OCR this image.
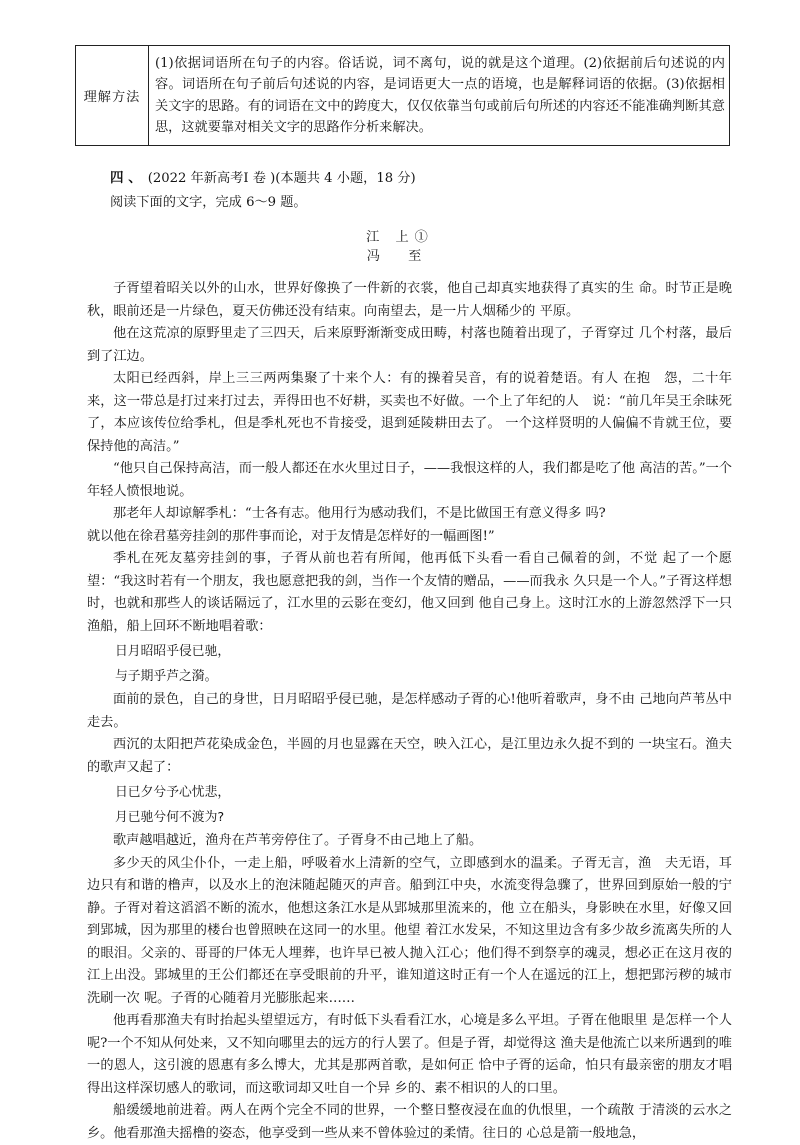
理解方法	(1)依据词语所在句子的内容。俗话说，词不离句，说的就是这个道理。(2)依据前后句述说的内容。词语所在句子前后句述说的内容，是词语更大一点的语境，也是解释词语的依据。(3)依据相关文字的思路。有的词语在文中的跨度大，仅仅依靠当句或前后句所述的内容还不能准确判断其意思，这就要靠对相关文字的思路作分析来解决。
四 、 (2022 年新高考Ⅰ 卷 )(本题共 4 小题，18 分)
阅读下面的文字，完成 6～9 题。
江 上①
冯 至

子胥望着昭关以外的山水，世界好像换了一件新的衣裳，他自己却真实地获得了真实的生 命。时节正是晚秋，眼前还是一片绿色，夏天仿佛还没有结束。向南望去，是一片人烟稀少的 平原。

他在这荒凉的原野里走了三四天，后来原野渐渐变成田畴，村落也随着出现了，子胥穿过 几个村落，最后到了江边。

太阳已经西斜，岸上三三两两集聚了十来个人：有的操着吴音，有的说着楚语。有人 在抱　怨，二十年来，这一带总是打过来打过去，弄得田也不好耕，买卖也不好做。一个上了年纪的人　说：“前几年吴王余昧死了，本应该传位给季札，但是季札死也不肯接受，退到延陵耕田去了。 一个这样贤明的人偏偏不肯就王位，要保持他的高洁。”

“他只自己保持高洁，而一般人都还在水火里过日子，——我恨这样的人，我们都是吃了他 高洁的苦。”一个年轻人愤恨地说。

那老年人却谅解季札：“士各有志。他用行为感动我们，不是比做国王有意义得多 吗?

就以他在徐君墓旁挂剑的那件事而论，对于友情是怎样好的一幅画图!”

季札在死友墓旁挂剑的事，子胥从前也若有所闻，他再低下头看一看自己佩着的剑，不觉 起了一个愿望：“我这时若有一个朋友，我也愿意把我的剑，当作一个友情的赠品，——而我永 久只是一个人。”子胥这样想时，也就和那些人的谈话隔远了，江水里的云影在变幻，他又回到 他自己身上。这时江水的上游忽然浮下一只渔船，船上回环不断地唱着歌：

日月昭昭乎侵已驰，

与子期乎芦之漪。

面前的景色，自己的身世，日月昭昭乎侵已驰，是怎样感动子胥的心!他听着歌声，身不由 己地向芦苇丛中走去。

西沉的太阳把芦花染成金色，半圆的月也显露在天空，映入江心，是江里边永久捉不到的 一块宝石。渔夫的歌声又起了：

日已夕兮予心忧悲，

月已驰兮何不渡为?

歌声越唱越近，渔舟在芦苇旁停住了。子胥身不由己地上了船。

多少天的风尘仆仆，一走上船，呼吸着水上清新的空气，立即感到水的温柔。子胥无言，渔　夫无语，耳边只有和谐的橹声，以及水上的泡沫随起随灭的声音。船到江中央，水流变得急骤了，世界回到原始一般的宁静。子胥对着这滔滔不断的流水，他想这条江水是从郢城那里流来的，他 立在船头，身影映在水里，好像又回到郢城，因为那里的楼台也曾照映在这同一的水里。他望 着江水发呆，不知这里边含有多少故乡流离失所的人的眼泪。父亲的、哥哥的尸体无人埋葬，也许早已被人抛入江心；他们得不到祭享的魂灵，想必正在这月夜的江上出没。郢城里的王公们都还在享受眼前的升平，谁知道这时正有一个人在遥远的江上，想把郢污秽的城市洗刷一次 呢。子胥的心随着月光膨胀起来……

他再看那渔夫有时抬起头望望远方，有时低下头看看江水，心境是多么平坦。子胥在他眼里 是怎样一个人呢?一个不知从何处来，又不知向哪里去的远方的行人罢了。但是子胥，却觉得这 渔夫是他流亡以来所遇到的唯一的恩人，这引渡的恩惠有多么博大，尤其是那两首歌，是如何正 恰中子胥的运命，怕只有最亲密的朋友才唱得出这样深切感人的歌词，而这歌词却又吐自一个异 乡的、素不相识的人的口里。

船缓缓地前进着。两人在两个完全不同的世界，一个整日整夜浸在血的仇恨里，一个疏散 于清淡的云水之乡。他看那渔夫摇橹的姿态，他享受到一些从来不曾体验过的柔情。往日的 心总是箭一般地急，
